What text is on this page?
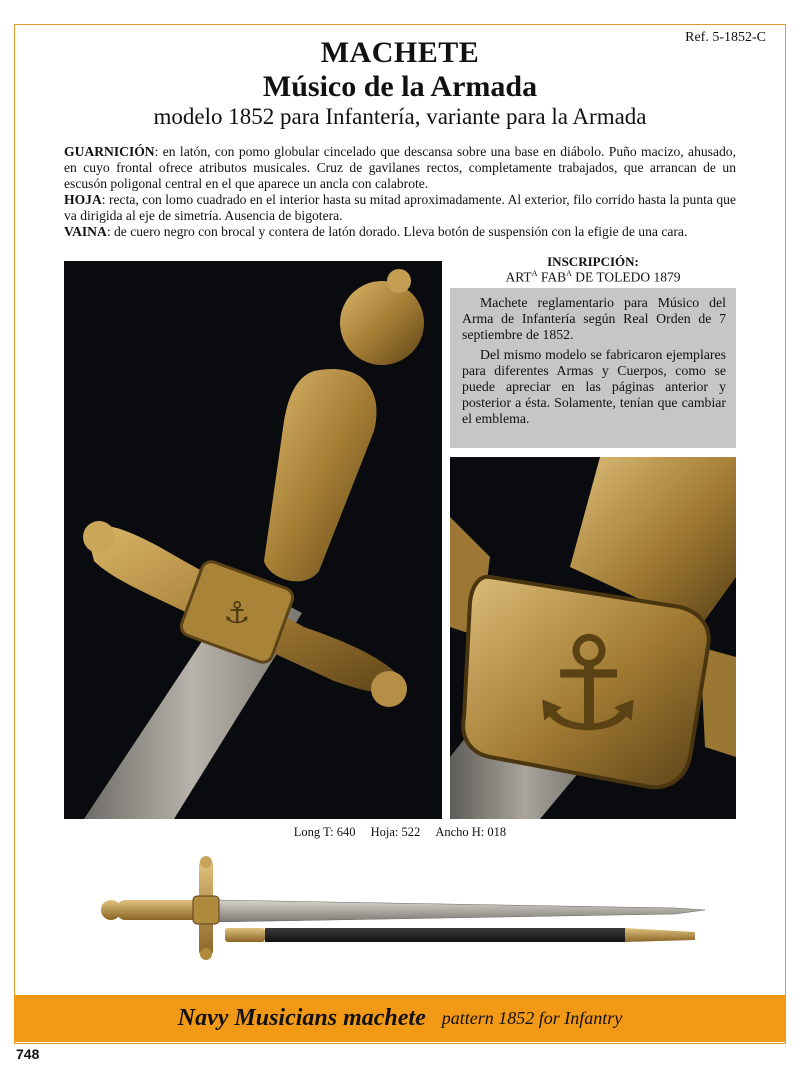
Ref. 5-1852-C
MACHETE
Músico de la Armada
modelo 1852 para Infantería, variante para la Armada

GUARNICIÓN: en latón, con pomo globular cincelado que descansa sobre una base en diábolo. Puño macizo, ahusado, en cuyo frontal ofrece atributos musicales. Cruz de gavilanes rectos, completamente trabajados, que arrancan de un escusón poligonal central en el que aparece un ancla con calabrote.

HOJA: recta, con lomo cuadrado en el interior hasta su mitad aproximadamente. Al exterior, filo corrido hasta la punta que va dirigida al eje de simetría. Ausencia de bigotera.

VAINA: de cuero negro con brocal y contera de latón dorado. Lleva botón de suspensión con la efigie de una cara.

⚓
INSCRIPCIÓN:
$ART^A$ $FAB^A$ DE TOLEDO 1879

Machete reglamentario para Músico del Arma de Infantería según Real Orden de 7 septiembre de 1852.

Del mismo modelo se fabricaron ejemplares para diferentes Armas y Cuerpos, como se puede apreciar en las páginas anterior y posterior a ésta. Solamente, tenían que cambiar el emblema.

⚓
Long T: 640 Hoja: 522 Ancho H: 018
Navy Musicians machete pattern 1852 for Infantry
748
